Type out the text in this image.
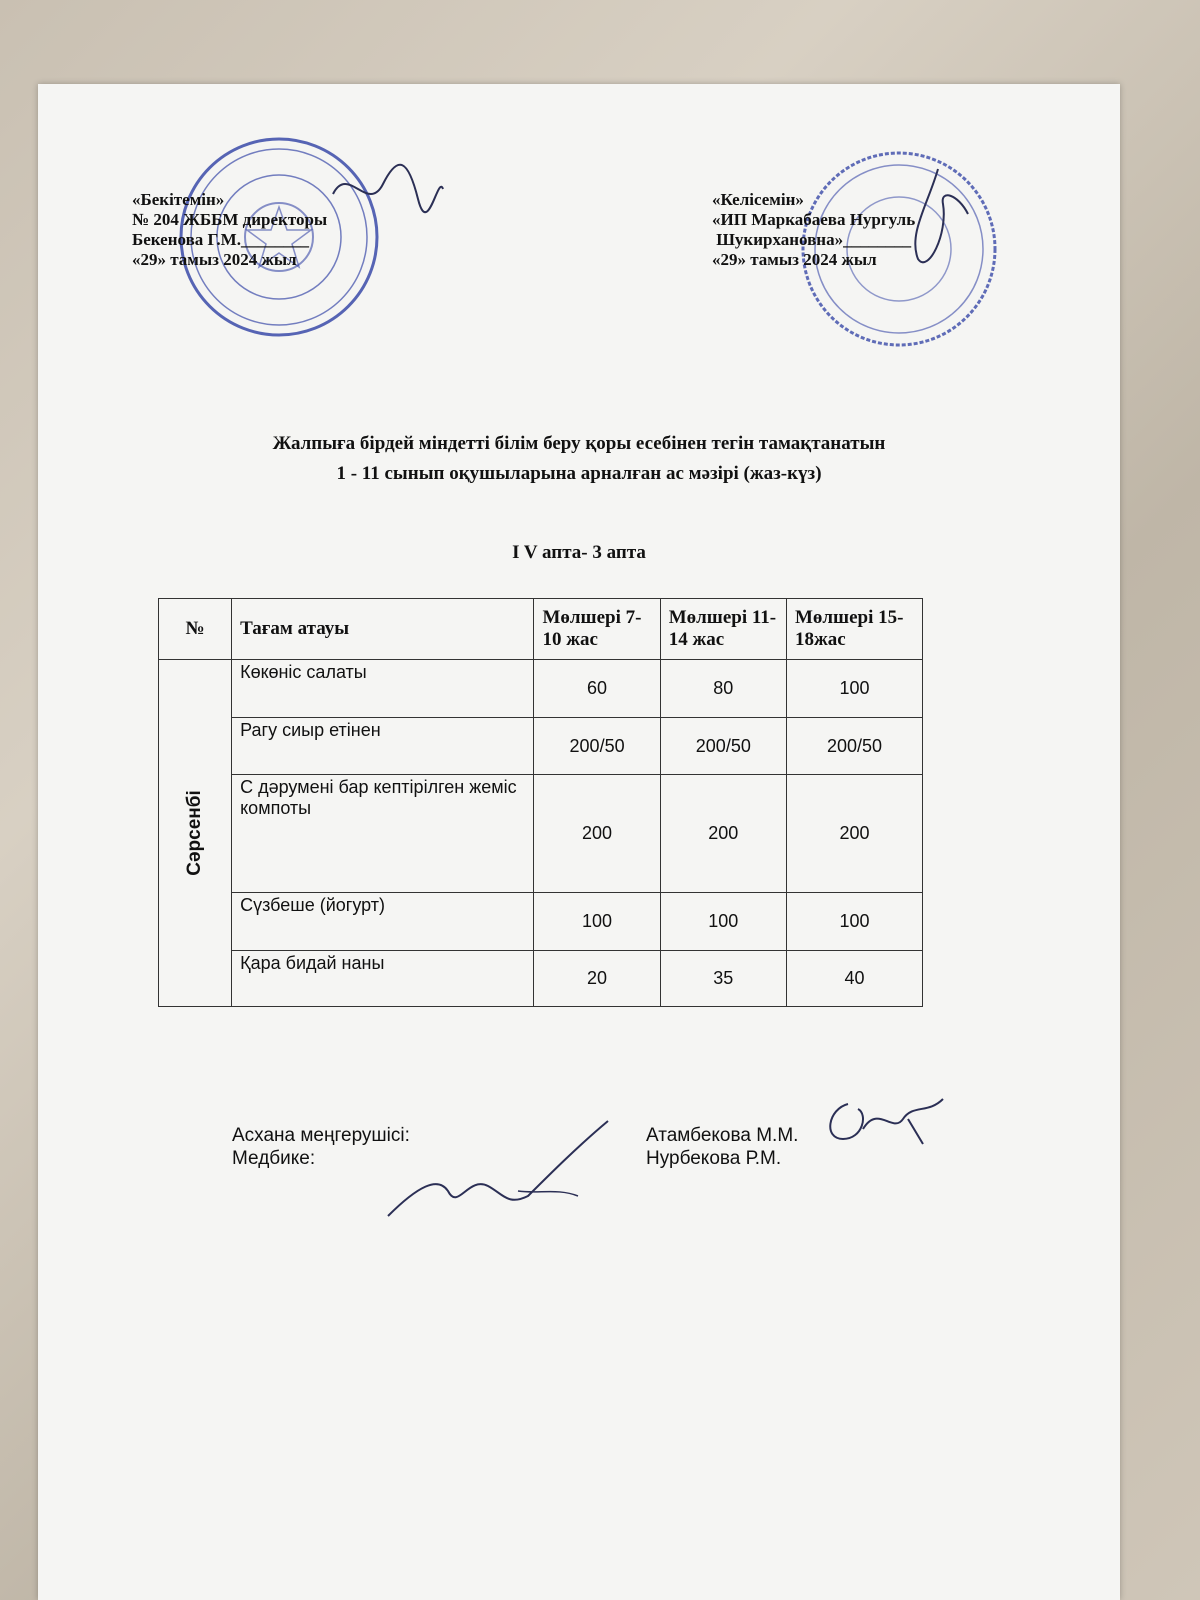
«Бекітемін»
№ 204 ЖББМ директоры
Бекенова Г.М.________
«29» тамыз 2024 жыл
«Келісемін»
«ИП Маркабаева Нургуль
Шукирхановна»________
«29» тамыз 2024 жыл
Жалпыға бірдей міндетті білім беру қоры есебінен тегін тамақтанатын
1 - 11 сынып оқушыларына арналған ас мәзірі (жаз-күз)
I V апта- 3 апта
№	Тағам атауы	Мөлшері 7-10 жас	Мөлшері 11-14 жас	Мөлшері 15-18жас

Сәрсенбі	Көкөніс салаты	60	80	100
	Рагу сиыр етінен	200/50	200/50	200/50
	С дәрумені бар кептірілген жеміс компоты	200	200	200
	Сүзбеше (йогурт)	100	100	100
	Қара бидай наны	20	35	40
Асхана меңгерушісі:
Медбике:
Атамбекова М.М.
Нурбекова Р.М.
